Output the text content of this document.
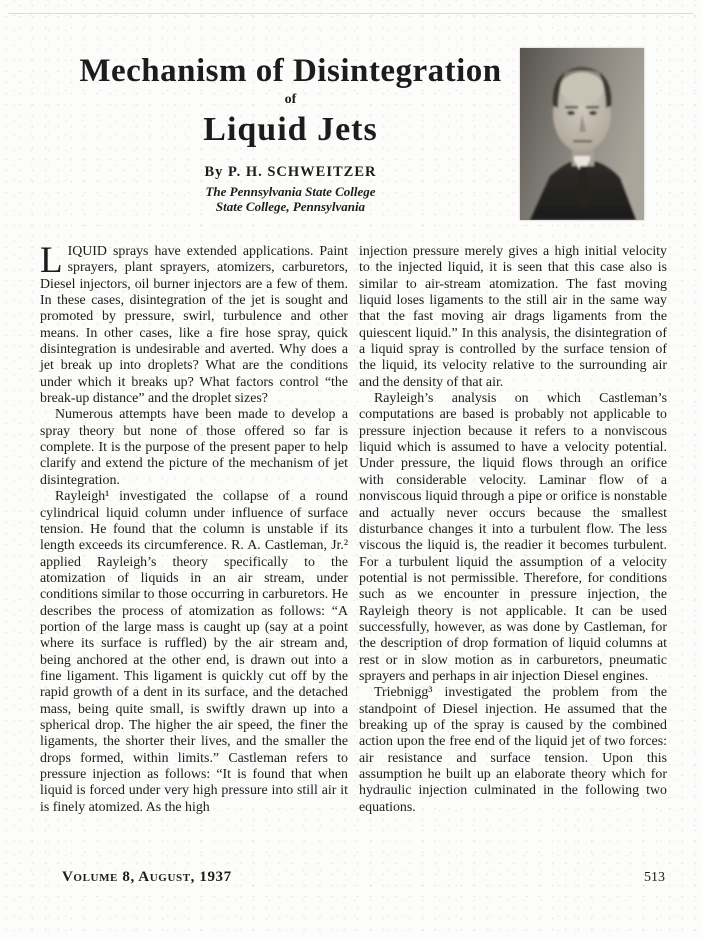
Mechanism of Disintegration
of
Liquid Jets
By P. H. SCHWEITZER
The Pennsylvania State College
State College, Pennsylvania

LIQUID sprays have extended applications. Paint sprayers, plant sprayers, atomizers, carburetors, Diesel injectors, oil burner injectors are a few of them. In these cases, disintegration of the jet is sought and promoted by pressure, swirl, turbulence and other means. In other cases, like a fire hose spray, quick disintegration is undesirable and averted. Why does a jet break up into droplets? What are the conditions under which it breaks up? What factors control “the break-up distance” and the droplet sizes?

Numerous attempts have been made to develop a spray theory but none of those offered so far is complete. It is the purpose of the present paper to help clarify and extend the picture of the mechanism of jet disintegration.

Rayleigh¹ investigated the collapse of a round cylindrical liquid column under influence of surface tension. He found that the column is unstable if its length exceeds its circumference. R. A. Castleman, Jr.² applied Rayleigh’s theory specifically to the atomization of liquids in an air stream, under conditions similar to those occurring in carburetors. He describes the process of atomization as follows: “A portion of the large mass is caught up (say at a point where its surface is ruffled) by the air stream and, being anchored at the other end, is drawn out into a fine ligament. This ligament is quickly cut off by the rapid growth of a dent in its surface, and the detached mass, being quite small, is swiftly drawn up into a spherical drop. The higher the air speed, the finer the ligaments, the shorter their lives, and the smaller the drops formed, within limits.” Castleman refers to pressure injection as follows: “It is found that when liquid is forced under very high pressure into still air it is finely atomized. As the high

injection pressure merely gives a high initial velocity to the injected liquid, it is seen that this case also is similar to air-stream atomization. The fast moving liquid loses ligaments to the still air in the same way that the fast moving air drags ligaments from the quiescent liquid.” In this analysis, the disintegration of a liquid spray is controlled by the surface tension of the liquid, its velocity relative to the surrounding air and the density of that air.

Rayleigh’s analysis on which Castleman’s computations are based is probably not applicable to pressure injection because it refers to a nonviscous liquid which is assumed to have a velocity potential. Under pressure, the liquid flows through an orifice with considerable velocity. Laminar flow of a nonviscous liquid through a pipe or orifice is nonstable and actually never occurs because the smallest disturbance changes it into a turbulent flow. The less viscous the liquid is, the readier it becomes turbulent. For a turbulent liquid the assumption of a velocity potential is not permissible. Therefore, for conditions such as we encounter in pressure injection, the Rayleigh theory is not applicable. It can be used successfully, however, as was done by Castleman, for the description of drop formation of liquid columns at rest or in slow motion as in carburetors, pneumatic sprayers and perhaps in air injection Diesel engines.

Triebnigg³ investigated the problem from the standpoint of Diesel injection. He assumed that the breaking up of the spray is caused by the combined action upon the free end of the liquid jet of two forces: air resistance and surface tension. Upon this assumption he built up an elaborate theory which for hydraulic injection culminated in the following two equations.

Volume 8, August, 1937	513
